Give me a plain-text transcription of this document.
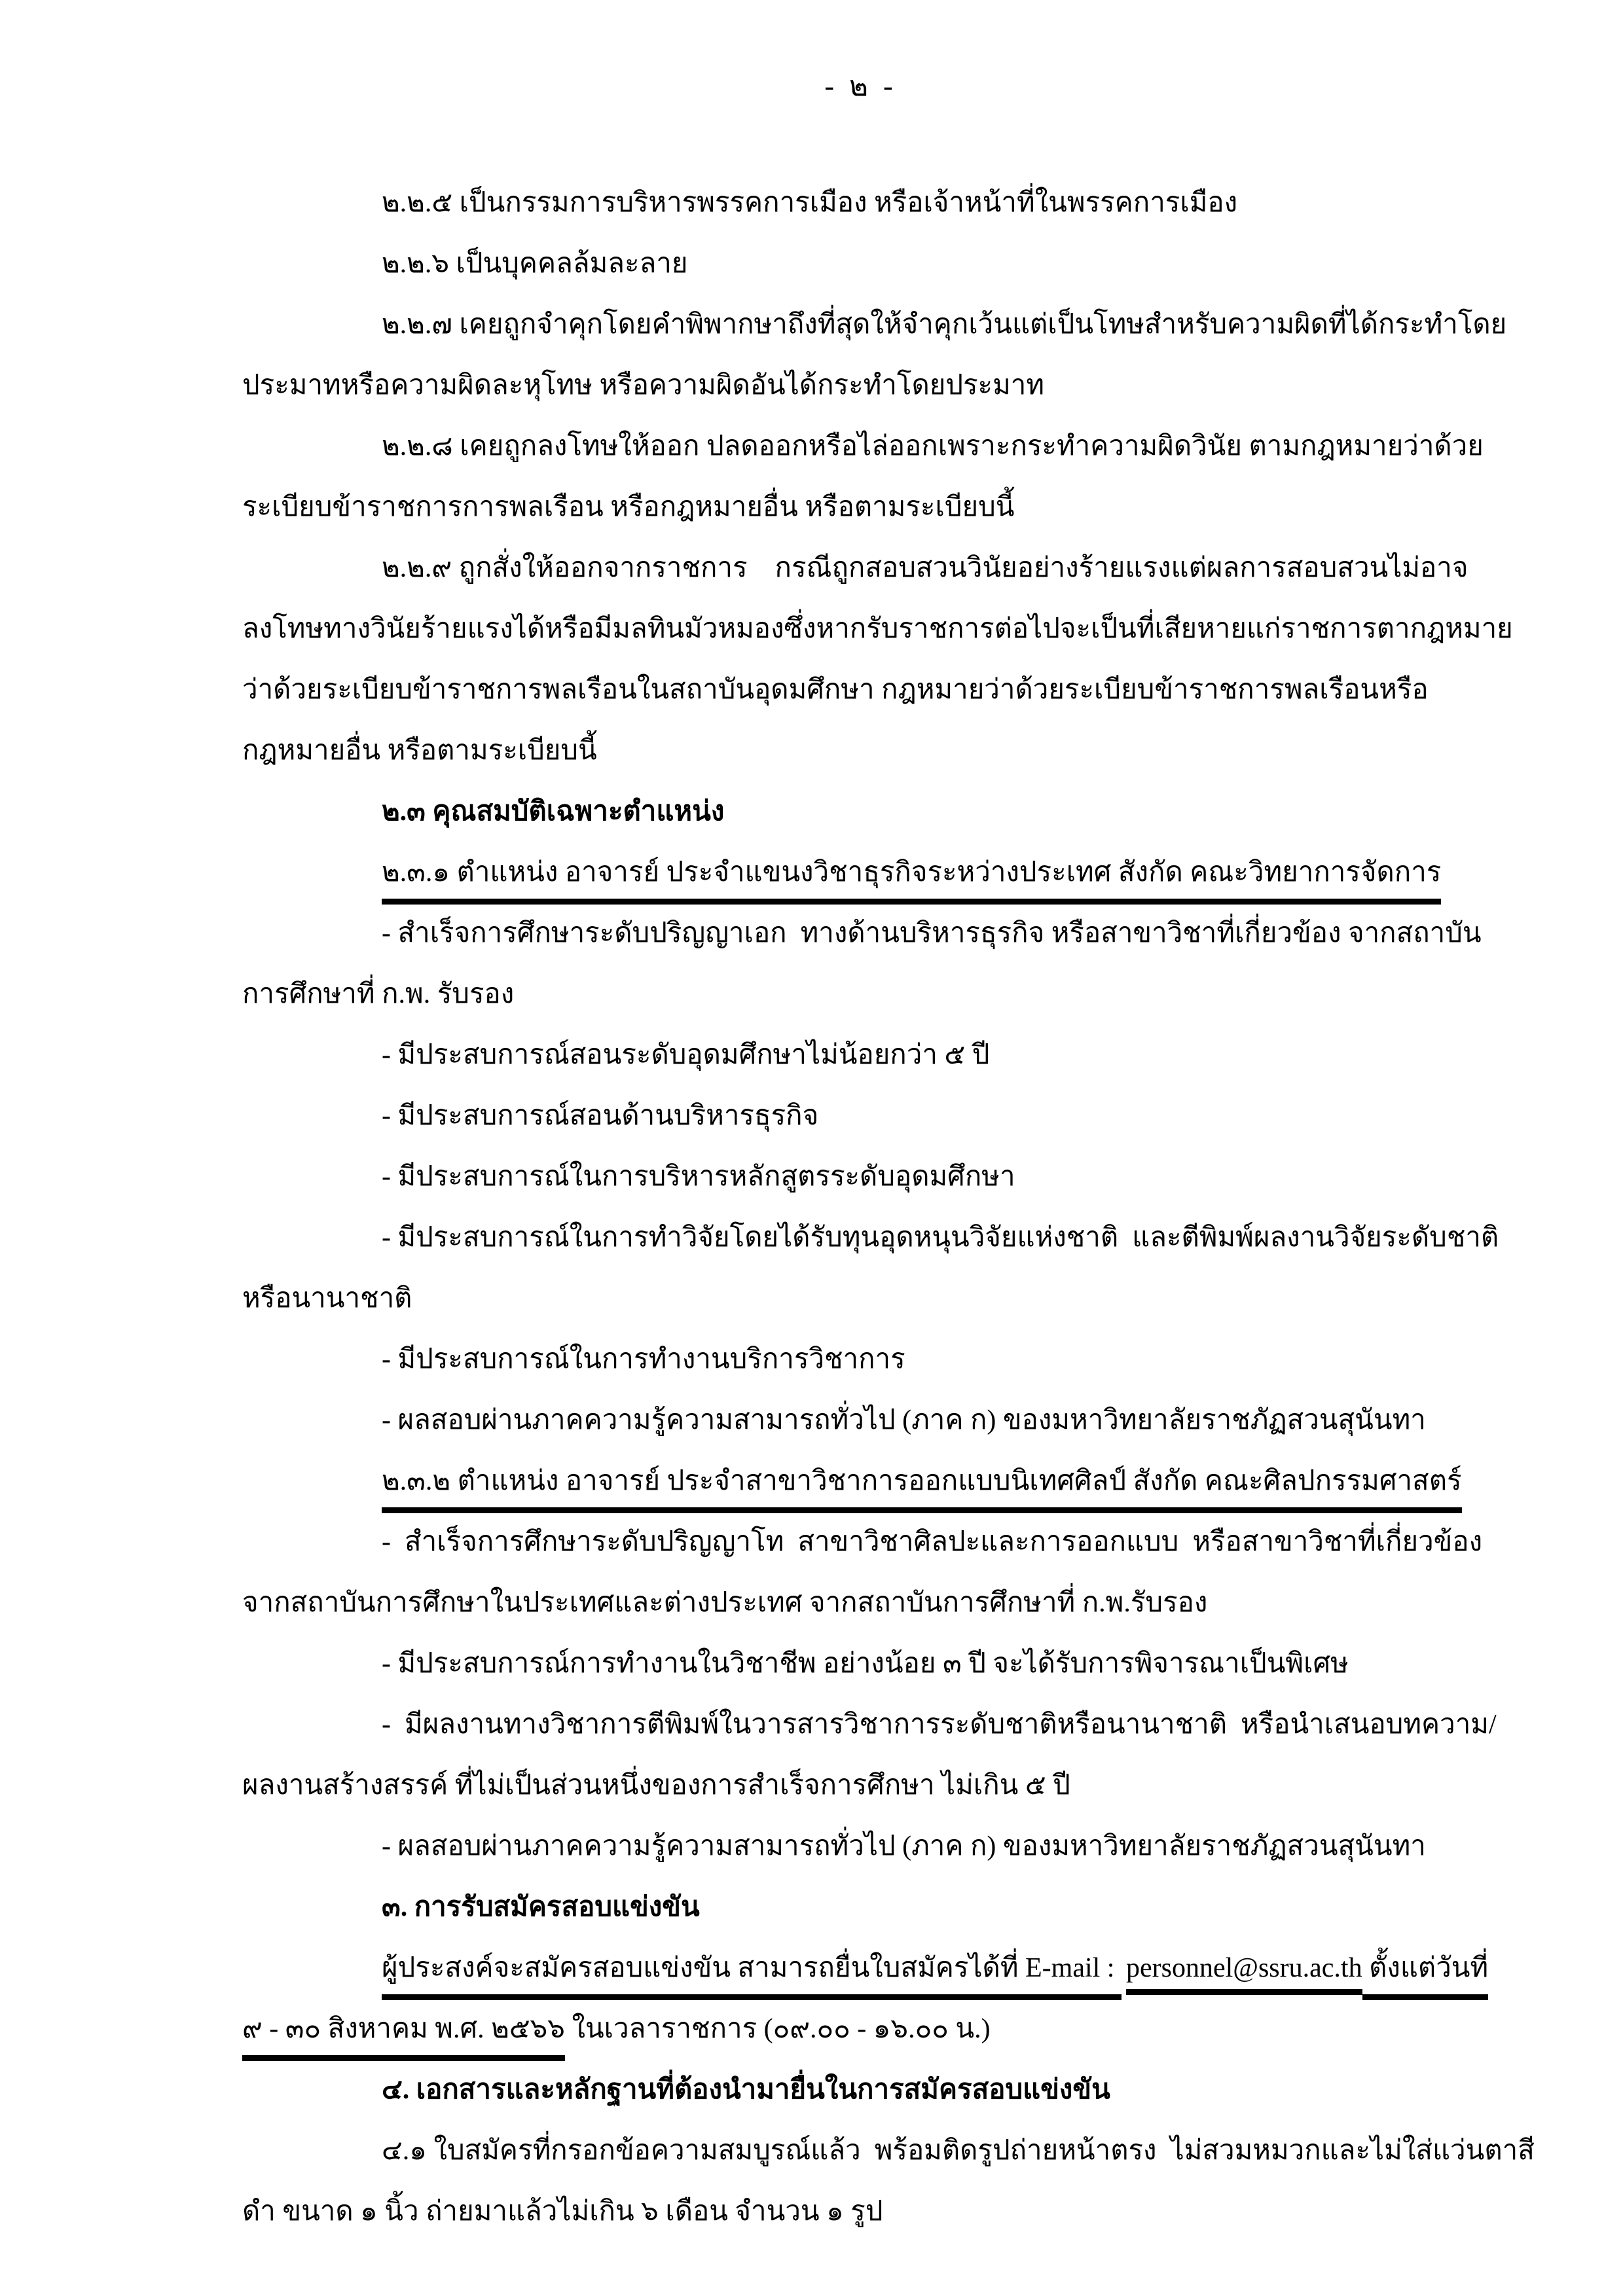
- ๒ -
๒.๒.๕ เป็นกรรมการบริหารพรรคการเมือง หรือเจ้าหน้าที่ในพรรคการเมือง
๒.๒.๖ เป็นบุคคลล้มละลาย
๒.๒.๗ เคยถูกจำคุกโดยคำพิพากษาถึงที่สุดให้จำคุกเว้นแต่เป็นโทษสำหรับความผิดที่ได้กระทำโดย
ประมาทหรือความผิดละหุโทษ หรือความผิดอันได้กระทำโดยประมาท
๒.๒.๘ เคยถูกลงโทษให้ออก ปลดออกหรือไล่ออกเพราะกระทำความผิดวินัย ตามกฎหมายว่าด้วย
ระเบียบข้าราชการการพลเรือน หรือกฎหมายอื่น หรือตามระเบียบนี้
๒.๒.๙ ถูกสั่งให้ออกจากราชการ    กรณีถูกสอบสวนวินัยอย่างร้ายแรงแต่ผลการสอบสวนไม่อาจ
ลงโทษทางวินัยร้ายแรงได้หรือมีมลทินมัวหมองซึ่งหากรับราชการต่อไปจะเป็นที่เสียหายแก่ราชการตากฎหมาย
ว่าด้วยระเบียบข้าราชการพลเรือนในสถาบันอุดมศึกษา กฎหมายว่าด้วยระเบียบข้าราชการพลเรือนหรือ
กฎหมายอื่น หรือตามระเบียบนี้
๒.๓ คุณสมบัติเฉพาะตำแหน่ง
๒.๓.๑ ตำแหน่ง อาจารย์ ประจำแขนงวิชาธุรกิจระหว่างประเทศ สังกัด คณะวิทยาการจัดการ
- สำเร็จการศึกษาระดับปริญญาเอก  ทางด้านบริหารธุรกิจ หรือสาขาวิชาที่เกี่ยวข้อง จากสถาบัน
การศึกษาที่ ก.พ. รับรอง
- มีประสบการณ์สอนระดับอุดมศึกษาไม่น้อยกว่า ๕ ปี
- มีประสบการณ์สอนด้านบริหารธุรกิจ
- มีประสบการณ์ในการบริหารหลักสูตรระดับอุดมศึกษา
- มีประสบการณ์ในการทำวิจัยโดยได้รับทุนอุดหนุนวิจัยแห่งชาติ  และตีพิมพ์ผลงานวิจัยระดับชาติ
หรือนานาชาติ
- มีประสบการณ์ในการทำงานบริการวิชาการ
- ผลสอบผ่านภาคความรู้ความสามารถทั่วไป (ภาค ก) ของมหาวิทยาลัยราชภัฏสวนสุนันทา
๒.๓.๒ ตำแหน่ง อาจารย์ ประจำสาขาวิชาการออกแบบนิเทศศิลป์ สังกัด คณะศิลปกรรมศาสตร์
-  สำเร็จการศึกษาระดับปริญญาโท  สาขาวิชาศิลปะและการออกแบบ  หรือสาขาวิชาที่เกี่ยวข้อง
จากสถาบันการศึกษาในประเทศและต่างประเทศ จากสถาบันการศึกษาที่ ก.พ.รับรอง
- มีประสบการณ์การทำงานในวิชาชีพ อย่างน้อย ๓ ปี จะได้รับการพิจารณาเป็นพิเศษ
-  มีผลงานทางวิชาการตีพิมพ์ในวารสารวิชาการระดับชาติหรือนานาชาติ  หรือนำเสนอบทความ/
ผลงานสร้างสรรค์ ที่ไม่เป็นส่วนหนึ่งของการสำเร็จการศึกษา ไม่เกิน ๕ ปี
- ผลสอบผ่านภาคความรู้ความสามารถทั่วไป (ภาค ก) ของมหาวิทยาลัยราชภัฏสวนสุนันทา
๓. การรับสมัครสอบแข่งขัน
ผู้ประสงค์จะสมัครสอบแข่งขัน สามารถยื่นใบสมัครได้ที่ E-mail : personnel@ssru.ac.th ตั้งแต่วันที่
๙ - ๓๐ สิงหาคม พ.ศ. ๒๕๖๖ ในเวลาราชการ (๐๙.๐๐ - ๑๖.๐๐ น.)
๔. เอกสารและหลักฐานที่ต้องนำมายื่นในการสมัครสอบแข่งขัน
๔.๑ ใบสมัครที่กรอกข้อความสมบูรณ์แล้ว  พร้อมติดรูปถ่ายหน้าตรง  ไม่สวมหมวกและไม่ใส่แว่นตาสี
ดำ ขนาด ๑ นิ้ว ถ่ายมาแล้วไม่เกิน ๖ เดือน จำนวน ๑ รูป
